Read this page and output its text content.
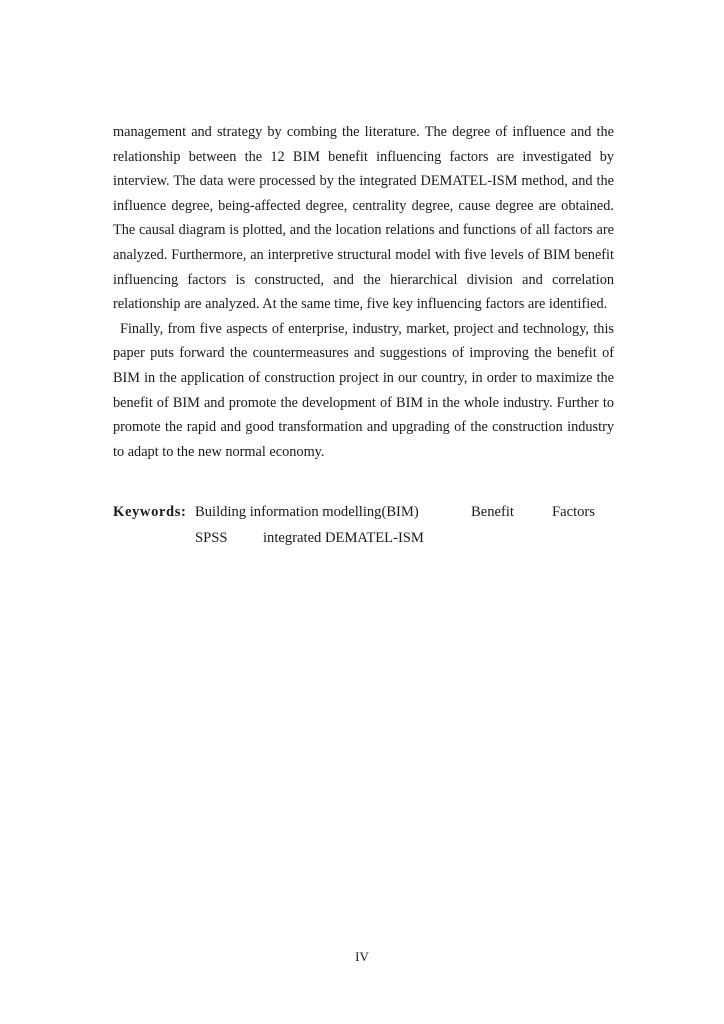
management and strategy by combing the literature. The degree of influence and the relationship between the 12 BIM benefit influencing factors are investigated by interview. The data were processed by the integrated DEMATEL-ISM method, and the influence degree, being-affected degree, centrality degree, cause degree are obtained. The causal diagram is plotted, and the location relations and functions of all factors are analyzed. Furthermore, an interpretive structural model with five levels of BIM benefit influencing factors is constructed, and the hierarchical division and correlation relationship are analyzed. At the same time, five key influencing factors are identified.

Finally, from five aspects of enterprise, industry, market, project and technology, this paper puts forward the countermeasures and suggestions of improving the benefit of BIM in the application of construction project in our country, in order to maximize the benefit of BIM and promote the development of BIM in the whole industry. Further to promote the rapid and good transformation and upgrading of the construction industry to adapt to the new normal economy.

Keywords: Building information modelling(BIM)	Benefit	Factors
SPSS	integrated DEMATEL-ISM
IV
